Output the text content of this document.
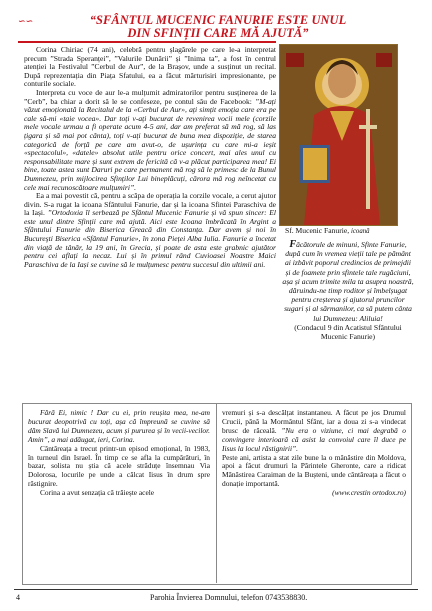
∽∽	“SFÂNTUL MUCENIC FANURIE ESTE UNUL
DIN SFINȚII CARE MĂ AJUTĂ”

Corina Chiriac (74 ani), celebră pentru șlagărele pe care le-a interpretat precum ”Strada Speranței”, ”Valurile Dunării” și ”Inima ta”, a fost în centrul atenției la Festivalul ”Cerbul de Aur”, de la Brașov, unde a susținut un recital. După reprezentația din Piața Sfatului, ea a făcut mărturisiri impresionante, pe conturile sociale.

Interpreta cu voce de aur le-a mulțumit admiratorilor pentru susținerea de la ”Cerb”, ba chiar a dorit să le se confeseze, pe contul său de Facebook: ”M-ați văzut emoționată la Recitalul de la «Cerbul de Aur», ați simțit emoția care era pe cale să-mi «taie vocea». Dar toți v-ați bucurat de revenirea vocii mele (corzile mele vocale urmau a fi operate acum 4-5 ani, dar am preferat să mă rog, să las țigara și să mai pot cânta), toți v-ați bucurat de buna mea dispoziție, de starea categorică de forță pe care am avut-o, de ușurința cu care mi-a ieșit «spectacolul», «datele» absolut utile pentru orice concert, mai ales unul cu responsabilitate mare și sunt extrem de fericită că v-a plăcut participarea mea! Ei bine, toate astea sunt Daruri pe care permanent mă rog să le primesc de la Bunul Dumnezeu, prin mijlocirea Sfinților Lui bineplăcuți, cărora mă rog neîncetat cu cele mai recunoscătoare mulțumiri”.

Ea a mai povestit că, pentru a scăpa de operația la corzile vocale, a cerut ajutor divin. S-a rugat la icoana Sfântului Fanurie, dar și la icoana Sfintei Paraschiva de la Iași. ”Ortodoxia îl serbează pe Sfântul Mucenic Fanurie și vă spun sincer: El este unul dintre Sfinții care mă ajută. Aici este Icoana îmbrăcată în Argint a Sfântului Fanurie din Biserica Greacă din Constanța. Dar avem și noi în Bucureşti Biserica «Sfântul Fanurie», în zona Pieței Alba Iulia. Fanurie a încetat din viață de tânăr, la 19 ani, în Grecia, și poate de asta este grabnic ajutător pentru cei aflați la necaz. Lui și în primul rând Cuvioasei Noastre Maici Paraschiva de la Iași se cuvine să le mulțumesc pentru succesul din ultimii ani.

Sf. Mucenic Fanurie, icoană
Făcătorule de minuni, Sfinte Fanurie, după cum în vremea vieții tale pe pământ ai izbăvit poporul credincios de primejdii și de foamete prin sfintele tale rugăciuni, așa și acum trimite mila ta asupra noastră, dăruindu-ne timp roditor și îmbelșugat pentru creșterea și ajutorul pruncilor sugari și al sărmanilor, ca să putem cânta lui Dumnezeu: Aliluia!
(Condacul 9 din Acatistul Sfântului Mucenic Fanurie)

Fără Ei, nimic ! Dar cu ei, prin reușita mea, ne-am bucurat deopotrivă cu toți, așa că împreună se cuvine să dăm Slavă lui Dumnezeu, acum și pururea și în vecii-vecilor. Amin”, a mai adăugat, ieri, Corina.

Cântăreața a trecut printr-un episod emoțional, în 1983, în turneul din Israel. În timp ce se afla la cumpărături, în bazar, solista nu știa că acele străduțe însemnau Via Dolorosa, locurile pe unde a călcat Iisus în drum spre răstignire.

Corina a avut senzația că trăiește acele

vremuri și s-a descălțat instantaneu. A făcut pe jos Drumul Crucii, până la Mormântul Sfânt, iar a doua zi s-a vindecat brusc de răceală. ”Nu era o viziune, ci mai degrabă o convingere interioară că asist la convoiul care îl duce pe Iisus la locul răstignirii”.

Peste ani, artista a stat zile bune la o mănăstire din Moldova, apoi a făcut drumuri la Părintele Gheronte, care a ridicat Mănăstirea Caraiman de la Bușteni, unde cântăreața a făcut o donație importantă.

(www.crestin ortodox.ro)

4	Parohia Învierea Domnului, telefon 0743538830.
